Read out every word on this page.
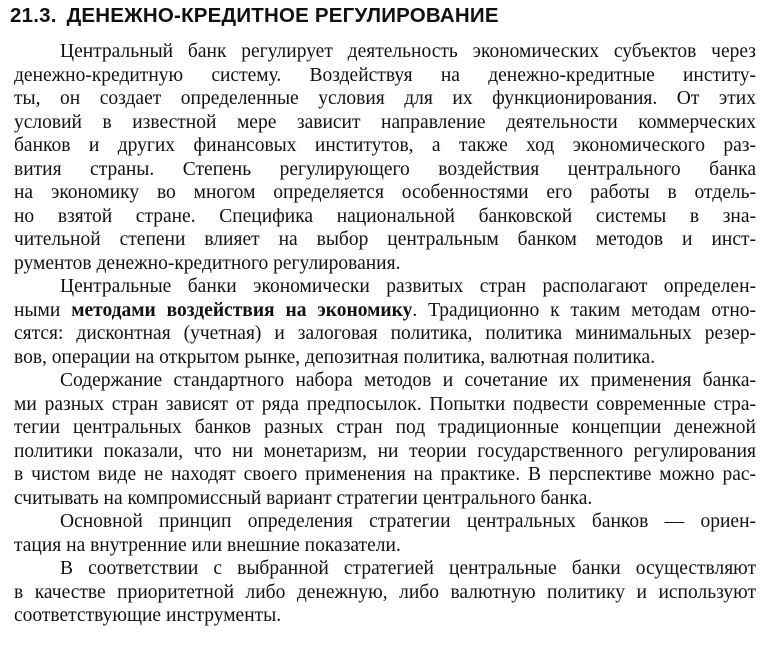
21.3. ДЕНЕЖНО-КРЕДИТНОЕ РЕГУЛИРОВАНИЕ
Центральный банк регулирует деятельность экономических субъектов через
денежно-кредитную систему. Воздействуя на денежно-кредитные институ-
ты, он создает определенные условия для их функционирования. От этих
условий в известной мере зависит направление деятельности коммерческих
банков и других финансовых институтов, а также ход экономического раз-
вития страны. Степень регулирующего воздействия центрального банка
на экономику во многом определяется особенностями его работы в отдель-
но взятой стране. Специфика национальной банковской системы в зна-
чительной степени влияет на выбор центральным банком методов и инст-
рументов денежно-кредитного регулирования.
Центральные банки экономически развитых стран располагают определен-
ными методами воздействия на экономику. Традиционно к таким методам отно-
сятся: дисконтная (учетная) и залоговая политика, политика минимальных резер-
вов, операции на открытом рынке, депозитная политика, валютная политика.
Содержание стандартного набора методов и сочетание их применения банка-
ми разных стран зависят от ряда предпосылок. Попытки подвести современные стра-
тегии центральных банков разных стран под традиционные концепции денежной
политики показали, что ни монетаризм, ни теории государственного регулирования
в чистом виде не находят своего применения на практике. В перспективе можно рас-
считывать на компромиссный вариант стратегии центрального банка.
Основной принцип определения стратегии центральных банков — ориен-
тация на внутренние или внешние показатели.
В соответствии с выбранной стратегией центральные банки осуществляют
в качестве приоритетной либо денежную, либо валютную политику и используют
соответствующие инструменты.
